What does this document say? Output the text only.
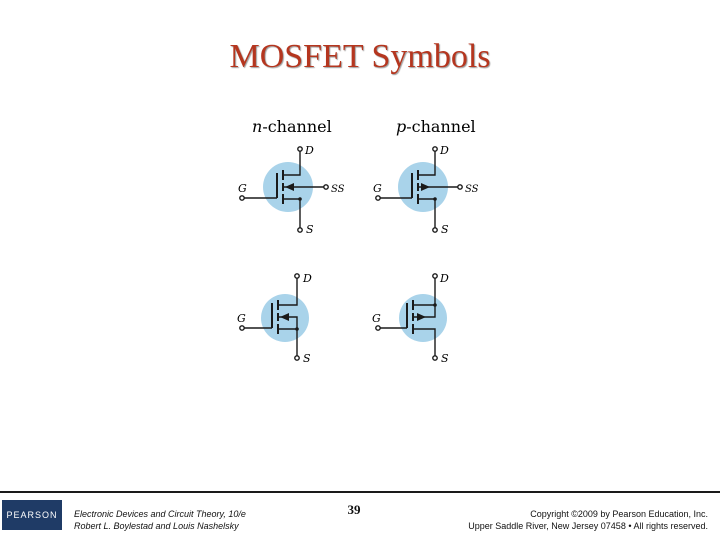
MOSFET Symbols
n-channel	p-channel
D
S
G	SS
D
S
G	SS
D
S
G
D
S
G
PEARSON	Electronic Devices and Circuit Theory, 10/e
Robert L. Boylestad and Louis Nashelsky
39	Copyright ©2009 by Pearson Education, Inc.
Upper Saddle River, New Jersey 07458 • All rights reserved.
